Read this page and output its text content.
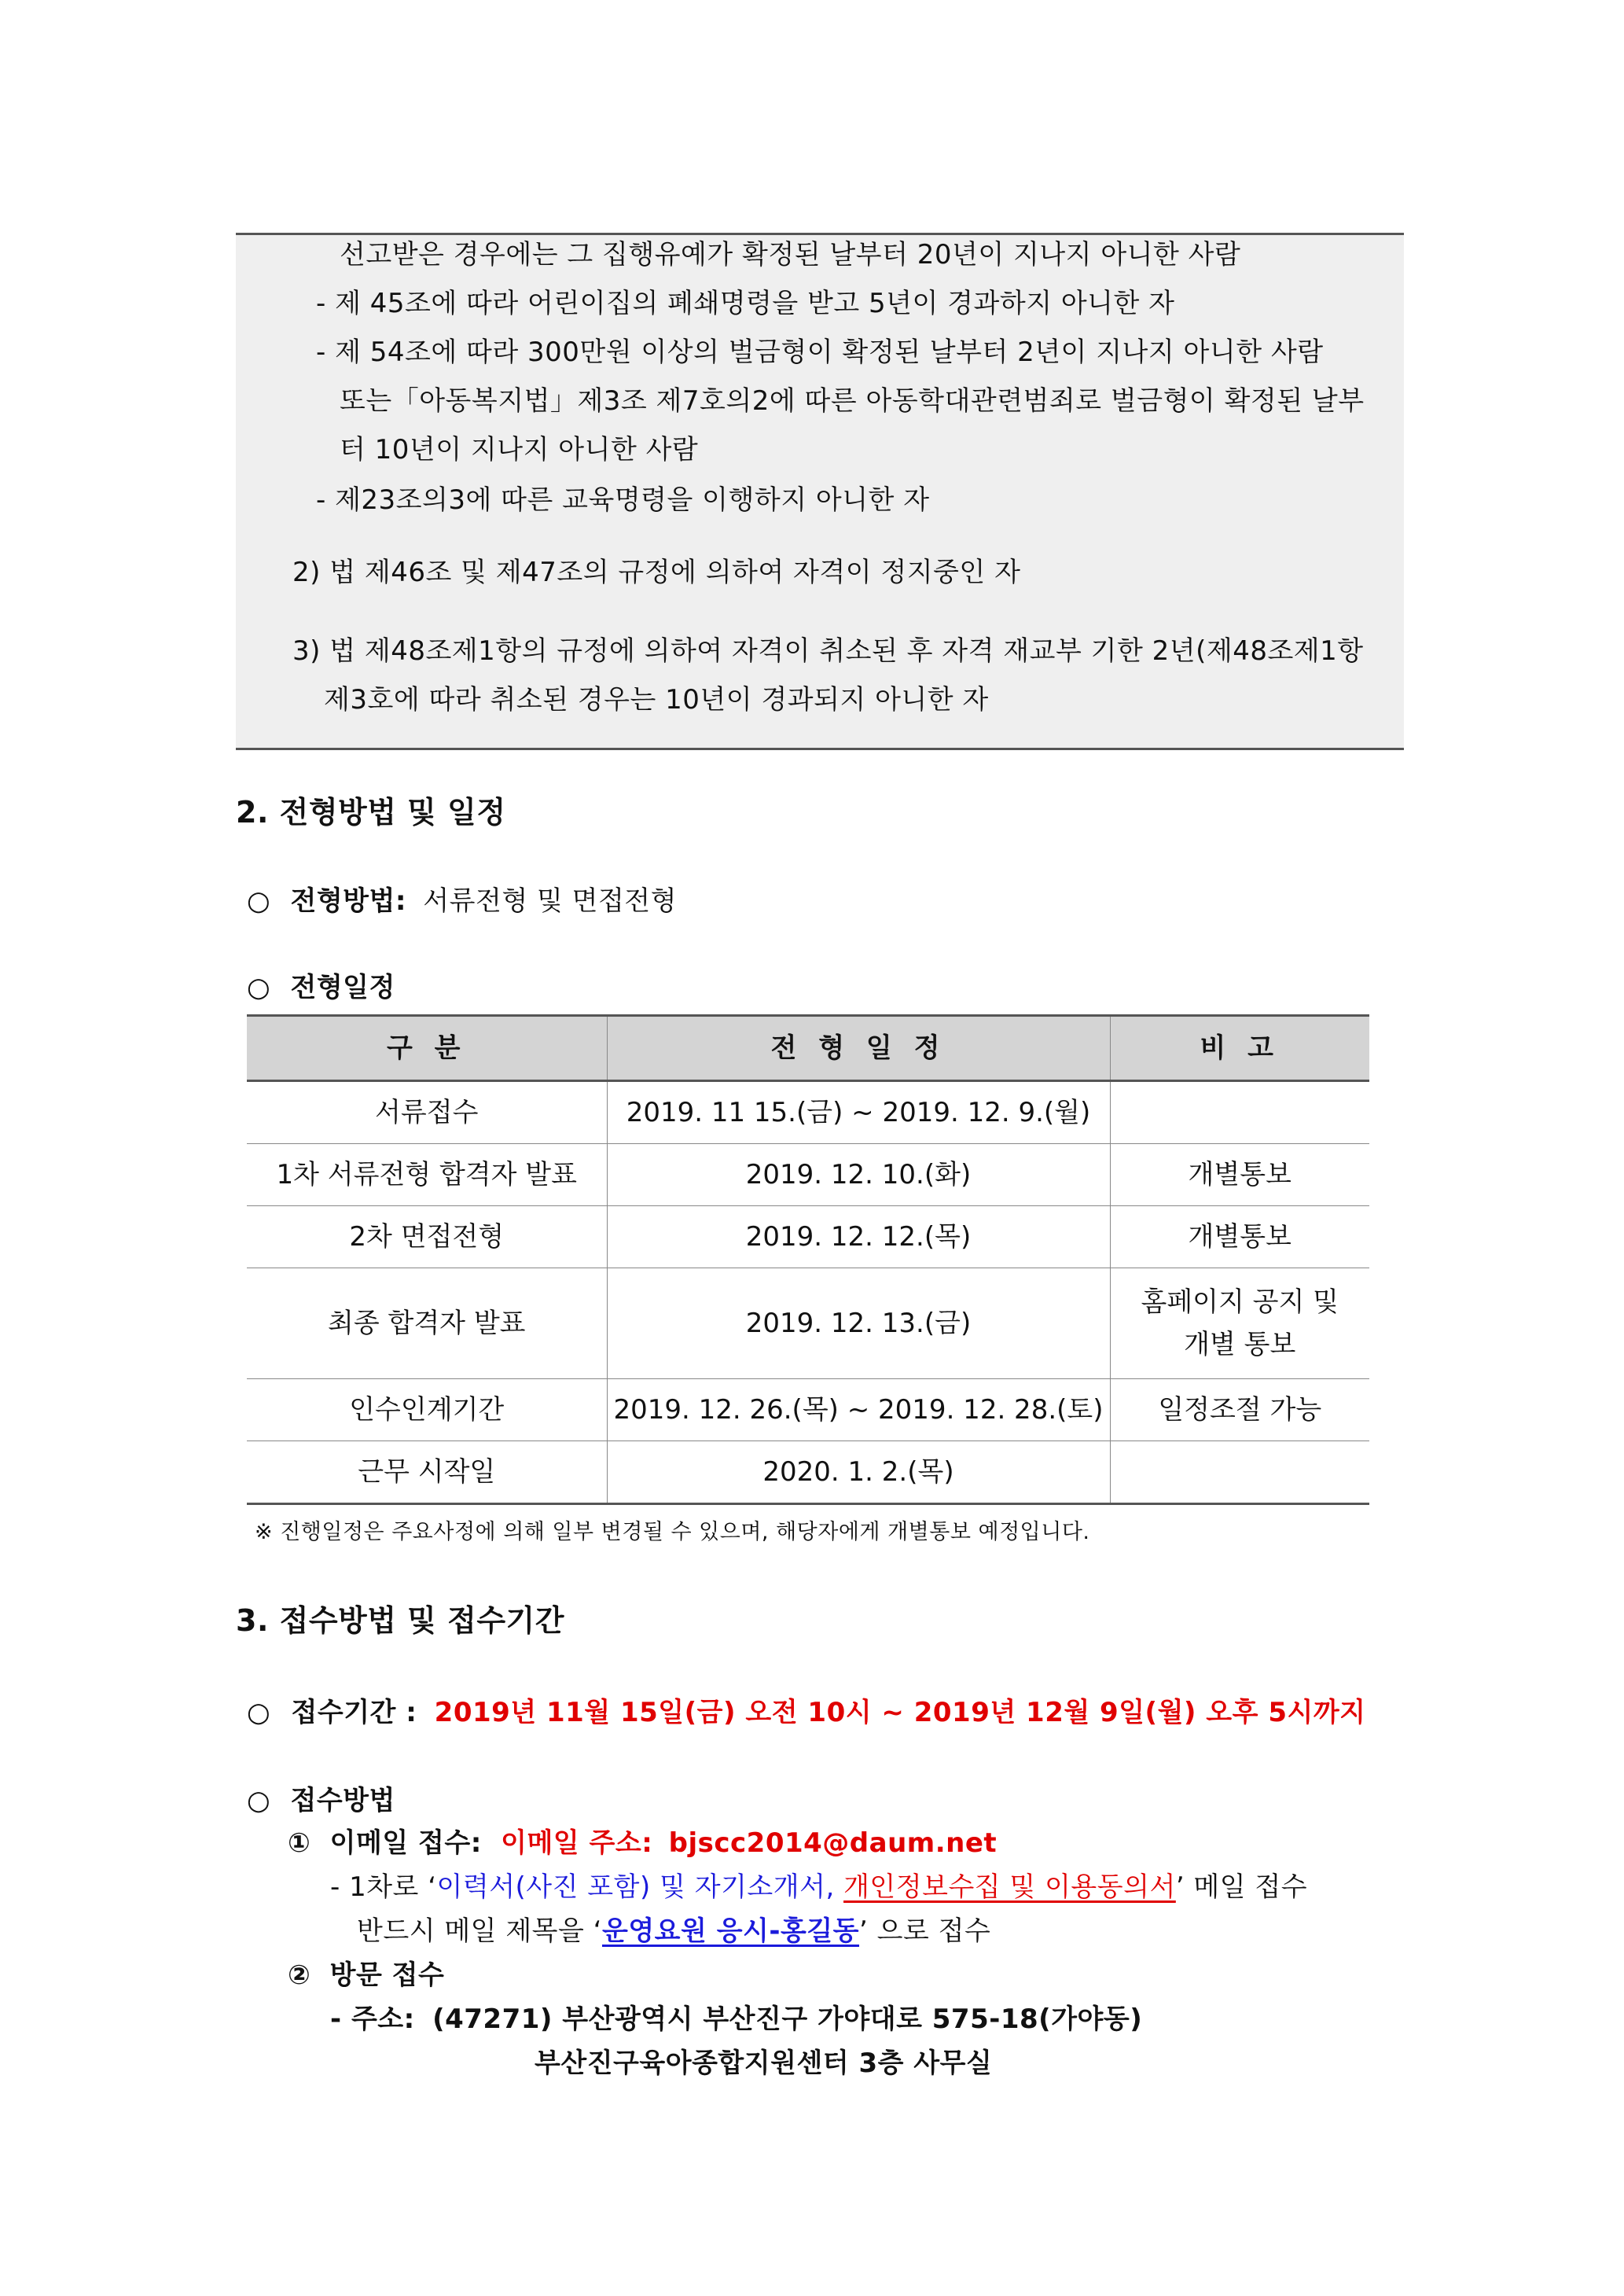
선고받은 경우에는 그 집행유예가 확정된 날부터 20년이 지나지 아니한 사람
- 제 45조에 따라 어린이집의 폐쇄명령을 받고 5년이 경과하지 아니한 자
- 제 54조에 따라 300만원 이상의 벌금형이 확정된 날부터 2년이 지나지 아니한 사람
또는「아동복지법」제3조 제7호의2에 따른 아동학대관련범죄로 벌금형이 확정된 날부
터 10년이 지나지 아니한 사람
- 제23조의3에 따른 교육명령을 이행하지 아니한 자
2) 법 제46조 및 제47조의 규정에 의하여 자격이 정지중인 자
3) 법 제48조제1항의 규정에 의하여 자격이 취소된 후 자격 재교부 기한 2년(제48조제1항
제3호에 따라 취소된 경우는 10년이 경과되지 아니한 자
2. 전형방법 및 일정
○ 전형방법: 서류전형 및 면접전형
○ 전형일정
구 분	전 형 일 정	비 고
서류접수	2019. 11 15.(금) ~ 2019. 12. 9.(월)	
1차 서류전형 합격자 발표	2019. 12. 10.(화)	개별통보
2차 면접전형	2019. 12. 12.(목)	개별통보
최종 합격자 발표	2019. 12. 13.(금)	홈페이지 공지 및
개별 통보

인수인계기간	2019. 12. 26.(목) ~ 2019. 12. 28.(토)	일정조절 가능
근무 시작일	2020. 1. 2.(목)	
※ 진행일정은 주요사정에 의해 일부 변경될 수 있으며, 해당자에게 개별통보 예정입니다.
3. 접수방법 및 접수기간
○ 접수기간 : 2019년 11월 15일(금) 오전 10시 ~ 2019년 12월 9일(월) 오후 5시까지
○ 접수방법
① 이메일 접수: 이메일 주소: bjscc2014@daum.net
- 1차로 ‘이력서(사진 포함) 및 자기소개서, 개인정보수집 및 이용동의서’ 메일 접수
반드시 메일 제목을 ‘운영요원 응시-홍길동’ 으로 접수
② 방문 접수
- 주소: (47271) 부산광역시 부산진구 가야대로 575-18(가야동)
부산진구육아종합지원센터 3층 사무실
